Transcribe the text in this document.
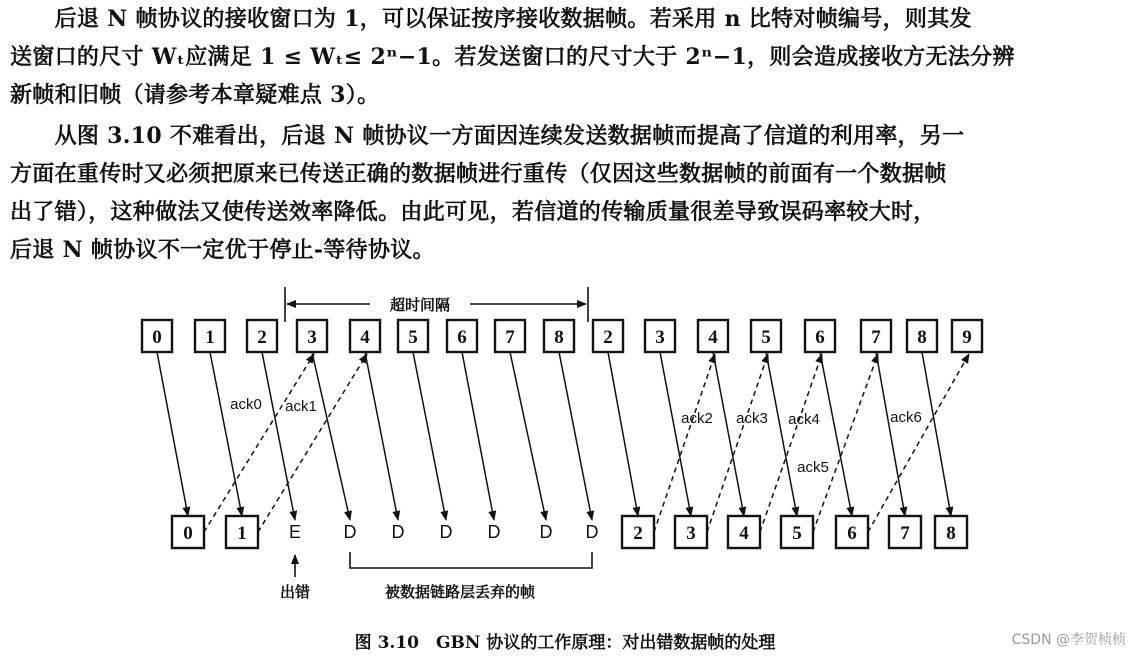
　　后退 N 帧协议的接收窗口为 1，可以保证按序接收数据帧。若采用 n 比特对帧编号，则其发
送窗口的尺寸 Wₜ应满足 1 ≤ Wₜ≤ 2ⁿ−1。若发送窗口的尺寸大于 2ⁿ−1，则会造成接收方无法分辨
新帧和旧帧（请参考本章疑难点 3）。
　　从图 3.10 不难看出，后退 N 帧协议一方面因连续发送数据帧而提高了信道的利用率，另一
方面在重传时又必须把原来已传送正确的数据帧进行重传（仅因这些数据帧的前面有一个数据帧
出了错），这种做法又使传送效率降低。由此可见，若信道的传输质量很差导致误码率较大时，
后退 N 帧协议不一定优于停止-等待协议。
超时间隔
0 1 2 3 4 5 6 7 8 2 3 4 5 6 7 8 9
ack0 ack1
ack2 ack3 ack4
ack5
ack6
0 1 E D D D D D D 2 3 4 5 6 7 8
出错	被数据链路层丢弃的帧
图 3.10　GBN 协议的工作原理：对出错数据帧的处理	CSDN @李贺桢桢
